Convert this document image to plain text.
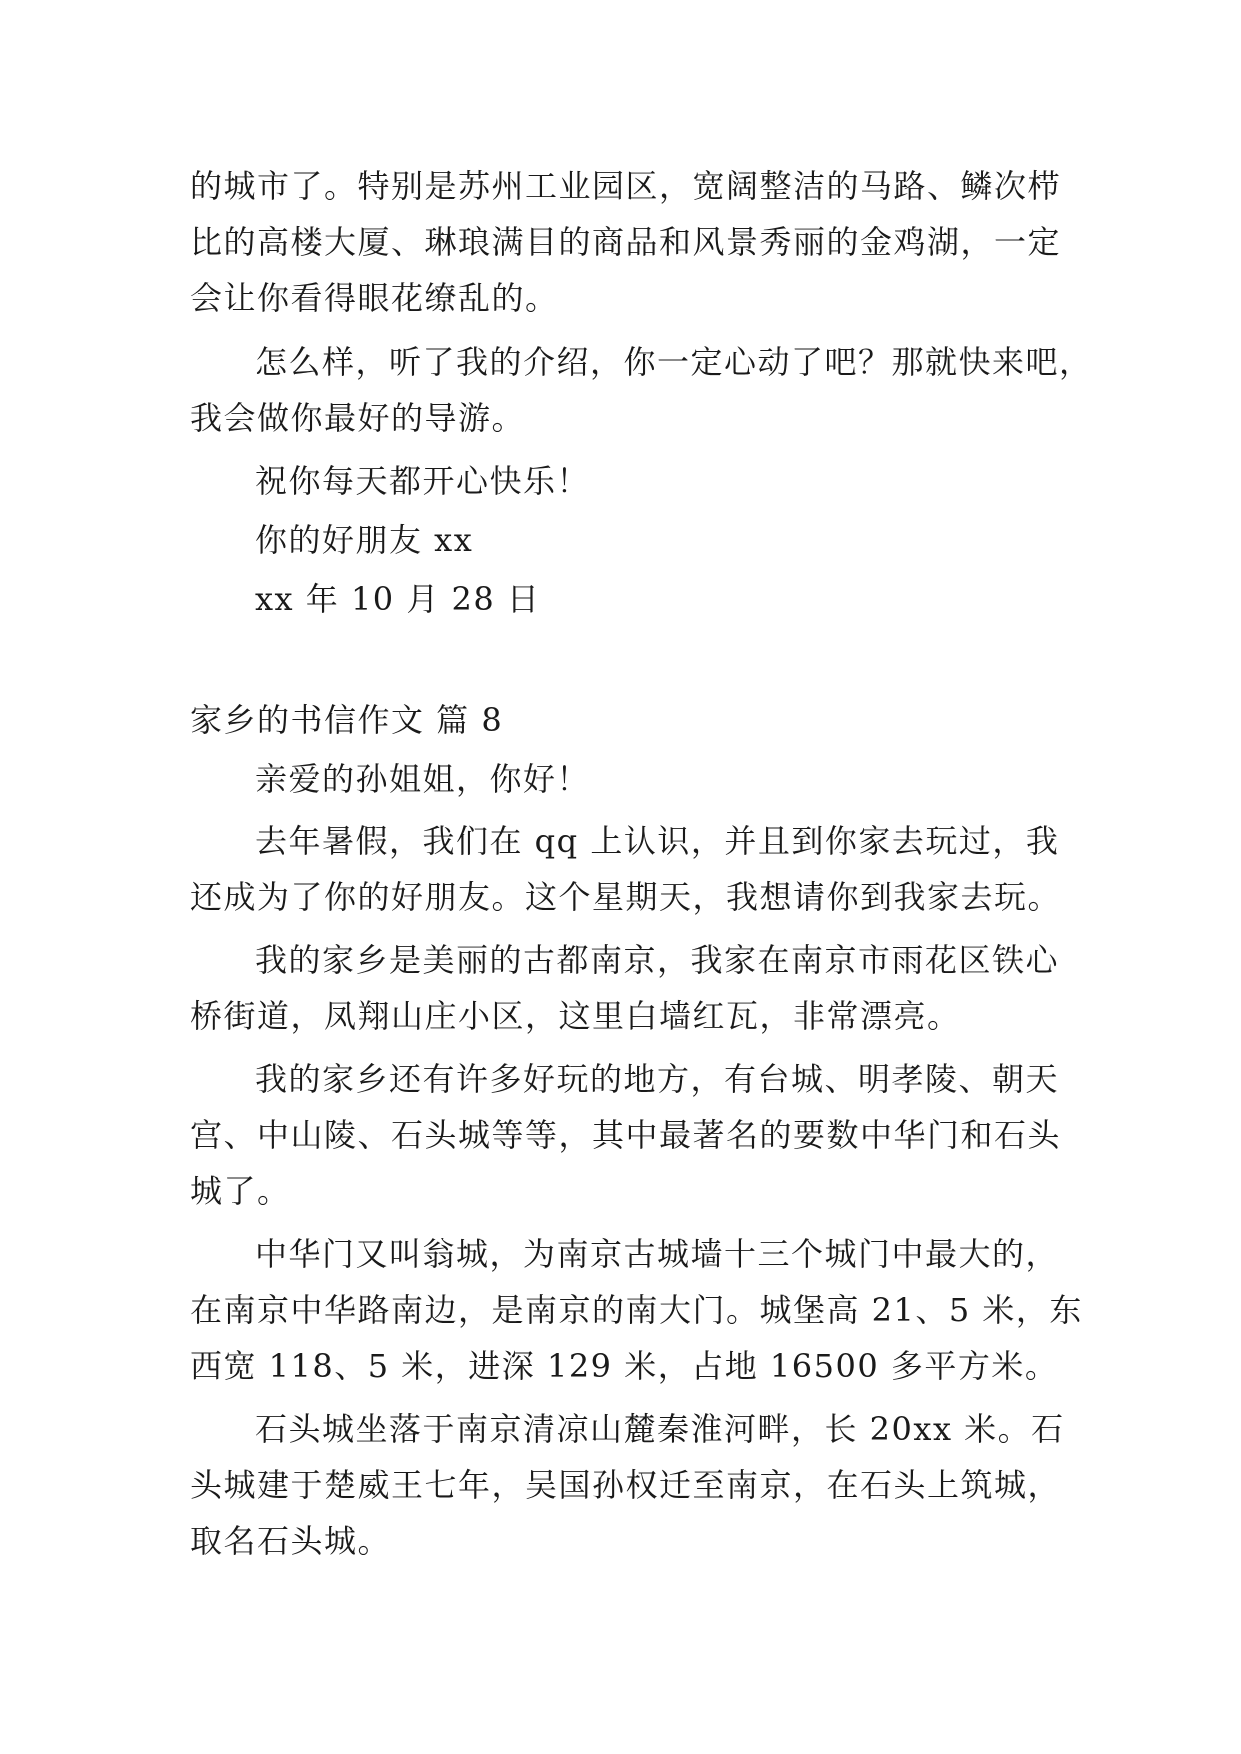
的城市了。特别是苏州工业园区，宽阔整洁的马路、鳞次栉
比的高楼大厦、琳琅满目的商品和风景秀丽的金鸡湖，一定
会让你看得眼花缭乱的。
怎么样，听了我的介绍，你一定心动了吧？那就快来吧，
我会做你最好的导游。
祝你每天都开心快乐！
你的好朋友 xx
xx 年 10 月 28 日
家乡的书信作文 篇 8
亲爱的孙姐姐，你好！
去年暑假，我们在 qq 上认识，并且到你家去玩过，我
还成为了你的好朋友。这个星期天，我想请你到我家去玩。
我的家乡是美丽的古都南京，我家在南京市雨花区铁心
桥街道，凤翔山庄小区，这里白墙红瓦，非常漂亮。
我的家乡还有许多好玩的地方，有台城、明孝陵、朝天
宫、中山陵、石头城等等，其中最著名的要数中华门和石头
城了。
中华门又叫翁城，为南京古城墙十三个城门中最大的，
在南京中华路南边，是南京的南大门。城堡高 21、5 米，东
西宽 118、5 米，进深 129 米，占地 16500 多平方米。
石头城坐落于南京清凉山麓秦淮河畔，长 20xx 米。石
头城建于楚威王七年，吴国孙权迁至南京，在石头上筑城，
取名石头城。
